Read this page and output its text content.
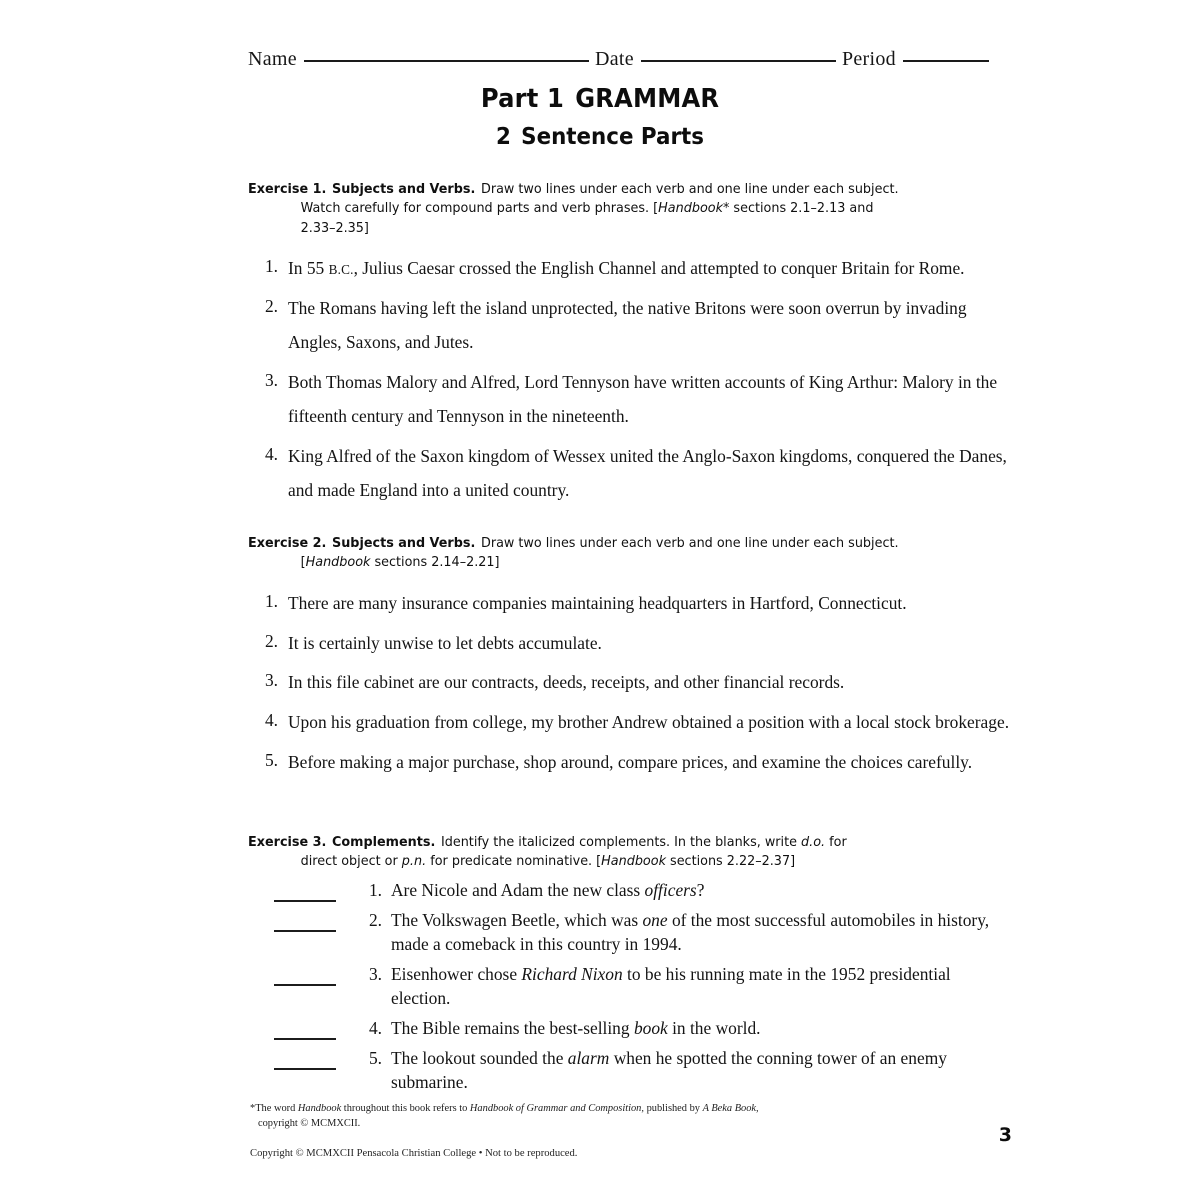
Name	Date	Period
Part 1 GRAMMAR
2 Sentence Parts
Exercise 1. Subjects and Verbs. Draw two lines under each verb and one line under each subject.
Watch carefully for compound parts and verb phrases. [Handbook* sections 2.1–2.13 and
2.33–2.35]
1. In 55 B.C., Julius Caesar crossed the English Channel and attempted to conquer Britain for Rome.
2. The Romans having left the island unprotected, the native Britons were soon overrun by invading Angles, Saxons, and Jutes.
3. Both Thomas Malory and Alfred, Lord Tennyson have written accounts of King Arthur: Malory in the fifteenth century and Tennyson in the nineteenth.
4. King Alfred of the Saxon kingdom of Wessex united the Anglo-Saxon kingdoms, conquered the Danes, and made England into a united country.
Exercise 2. Subjects and Verbs. Draw two lines under each verb and one line under each subject.
[Handbook sections 2.14–2.21]
1. There are many insurance companies maintaining headquarters in Hartford, Connecticut.
2. It is certainly unwise to let debts accumulate.
3. In this file cabinet are our contracts, deeds, receipts, and other financial records.
4. Upon his graduation from college, my brother Andrew obtained a position with a local stock brokerage.
5. Before making a major purchase, shop around, compare prices, and examine the choices carefully.
Exercise 3. Complements. Identify the italicized complements. In the blanks, write d.o. for
direct object or p.n. for predicate nominative. [Handbook sections 2.22–2.37]
1. Are Nicole and Adam the new class officers?
2. The Volkswagen Beetle, which was one of the most successful automobiles in history, made a comeback in this country in 1994.
3. Eisenhower chose Richard Nixon to be his running mate in the 1952 presidential election.
4. The Bible remains the best-selling book in the world.
5. The lookout sounded the alarm when he spotted the conning tower of an enemy submarine.
*The word Handbook throughout this book refers to Handbook of Grammar and Composition, published by A Beka Book,
copyright © MCMXCII.
Copyright © MCMXCII Pensacola Christian College • Not to be reproduced.
3
